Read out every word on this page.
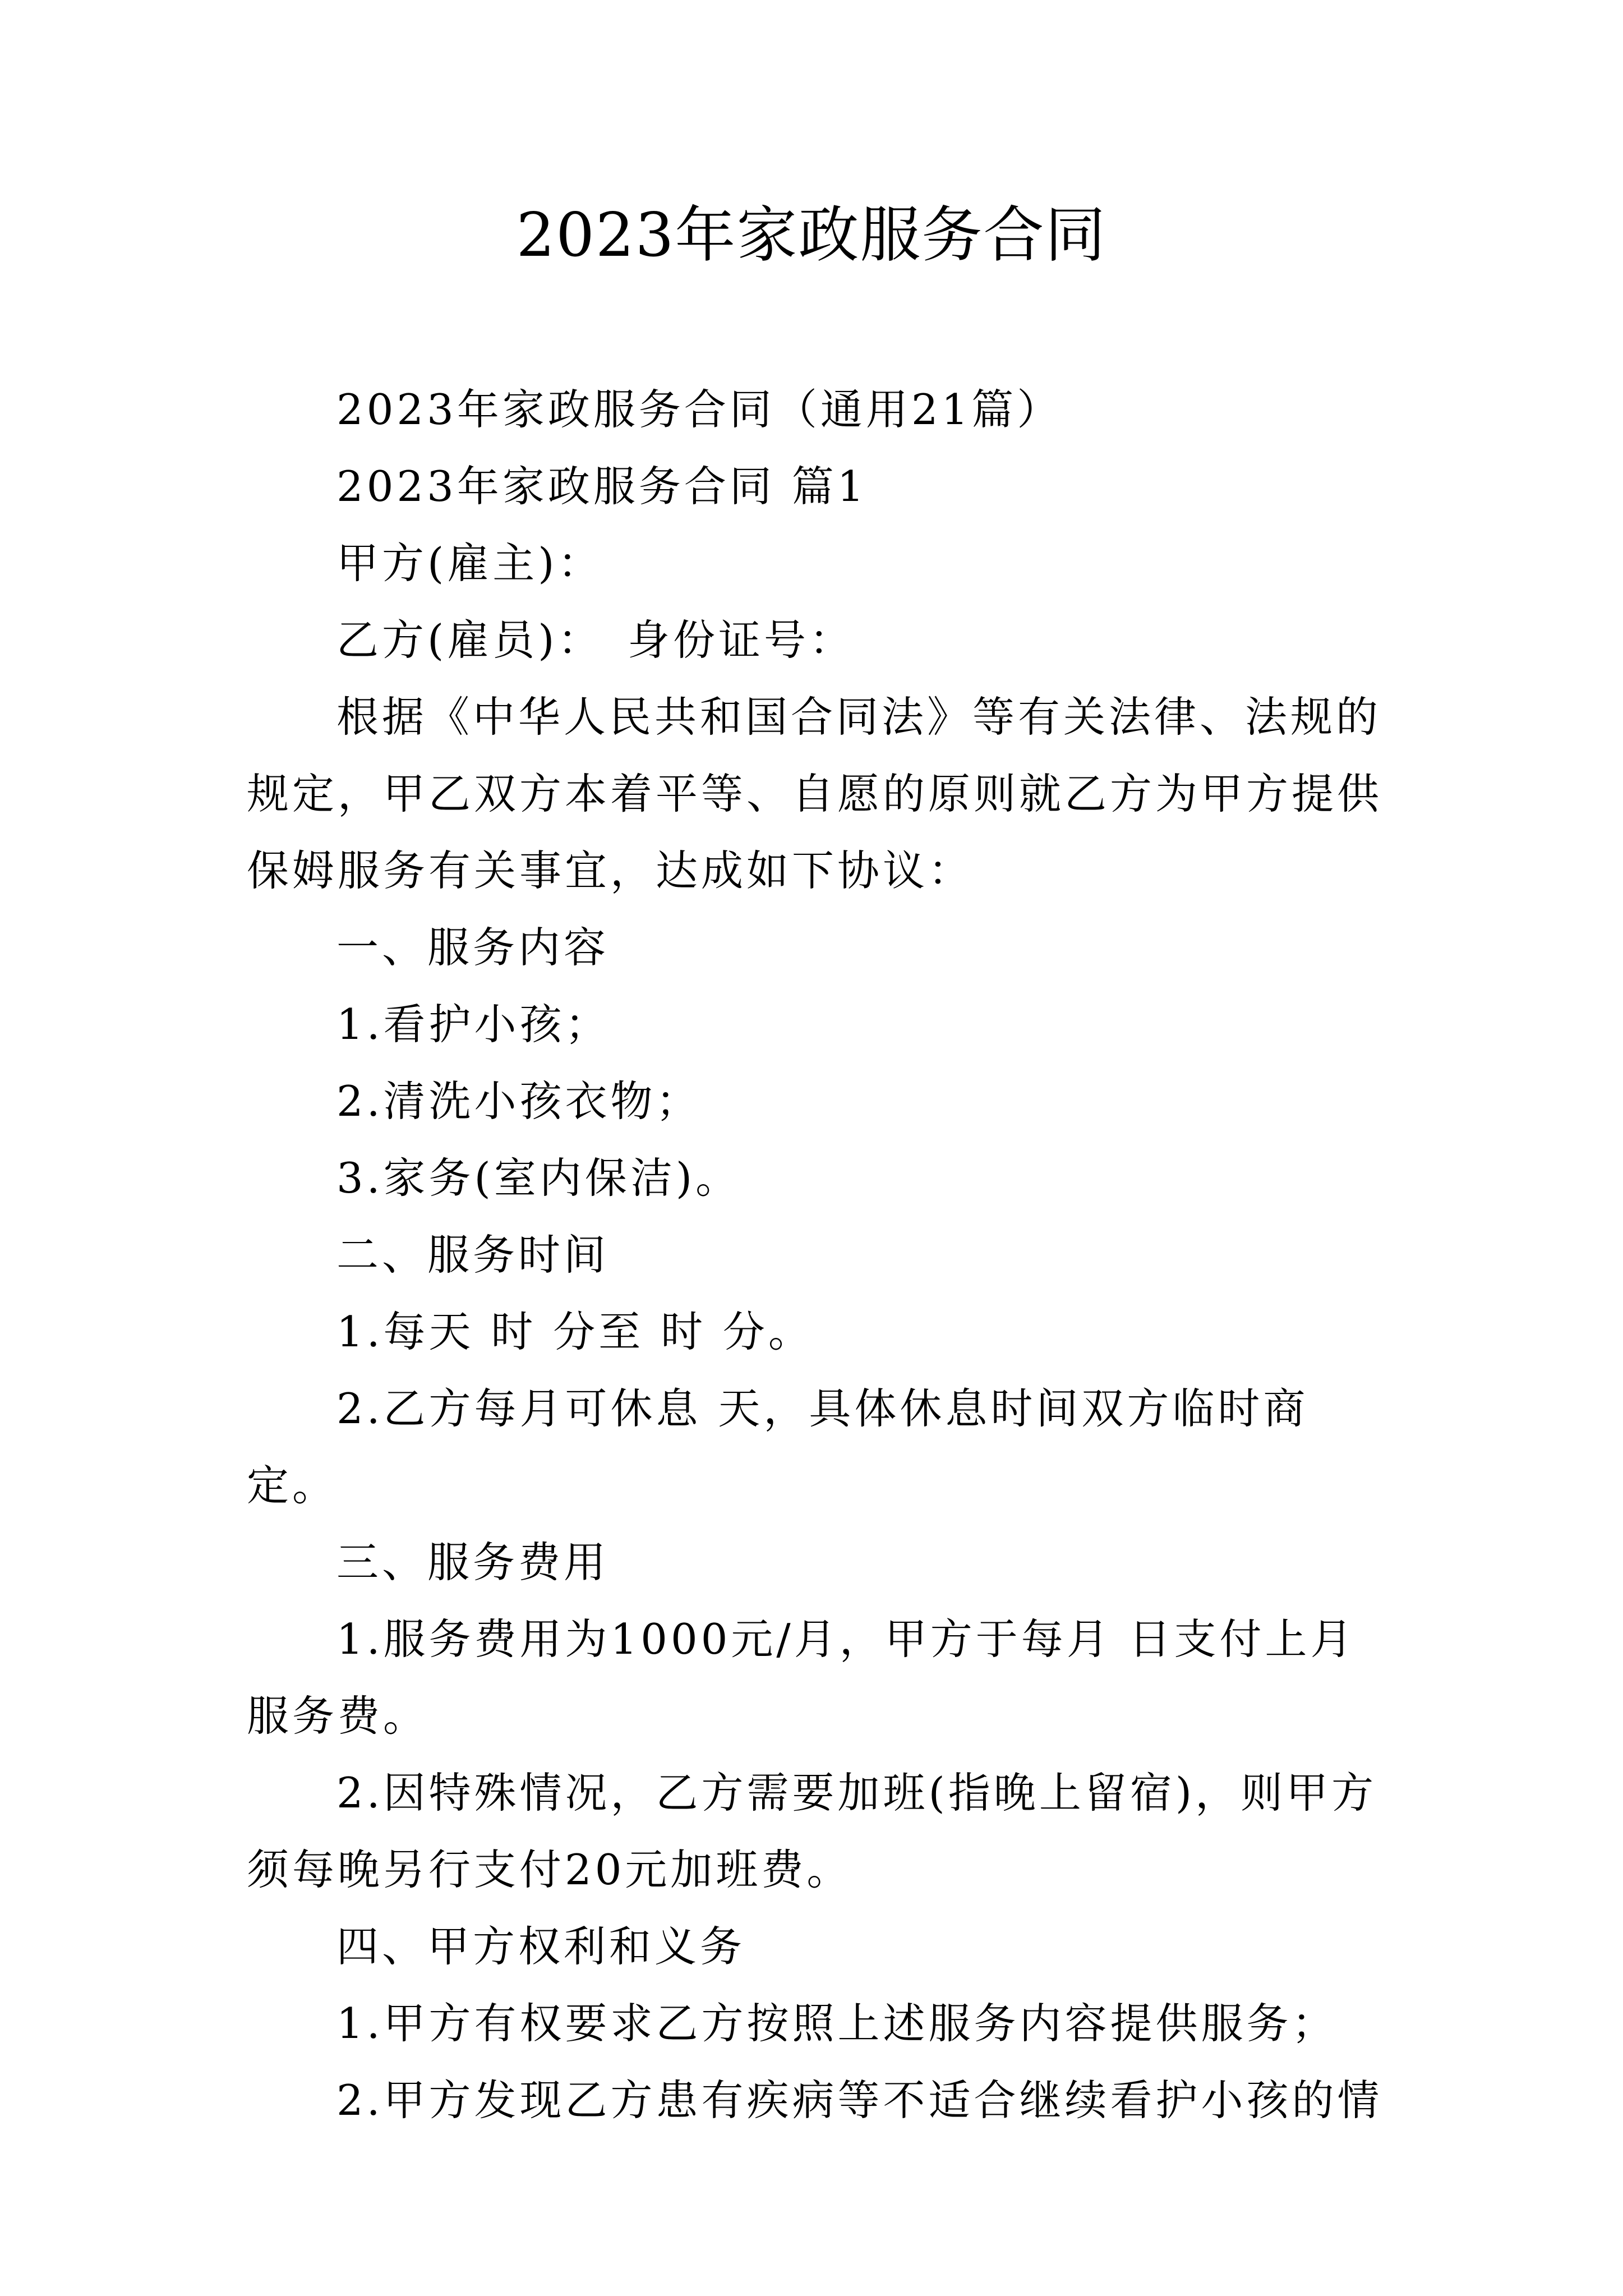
2023年家政服务合同

2023年家政服务合同（通用21篇）

2023年家政服务合同 篇1

甲方(雇主)：

乙方(雇员)：　身份证号：

根据《中华人民共和国合同法》等有关法律、法规的规定，甲乙双方本着平等、自愿的原则就乙方为甲方提供保姆服务有关事宜，达成如下协议：

一、服务内容

1.看护小孩；

2.清洗小孩衣物；

3.家务(室内保洁)。

二、服务时间

1.每天 时 分至 时 分。

2.乙方每月可休息 天，具体休息时间双方临时商定。

三、服务费用

1.服务费用为1000元/月，甲方于每月 日支付上月服务费。

2.因特殊情况，乙方需要加班(指晚上留宿)，则甲方须每晚另行支付20元加班费。

四、甲方权利和义务

1.甲方有权要求乙方按照上述服务内容提供服务；

2.甲方发现乙方患有疾病等不适合继续看护小孩的情
